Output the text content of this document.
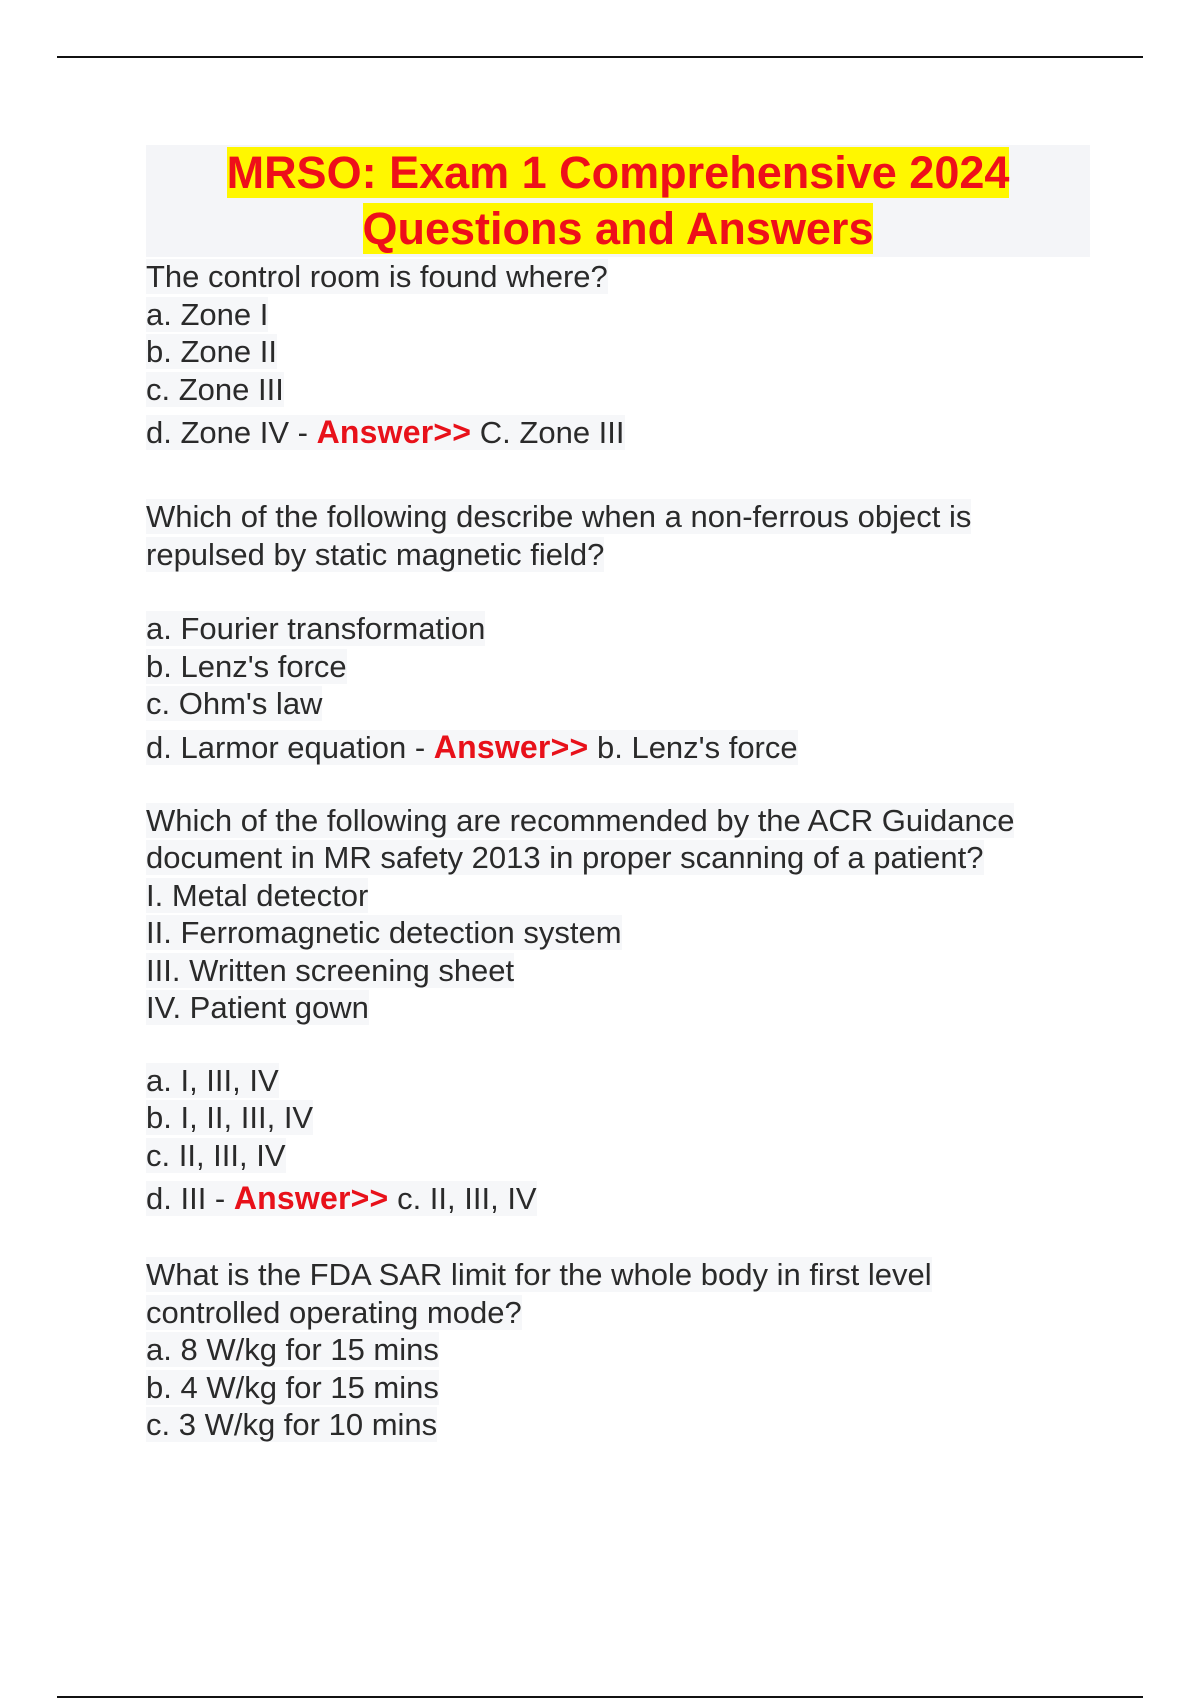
MRSO: Exam 1 Comprehensive 2024
Questions and Answers
The control room is found where?
a. Zone I
b. Zone II
c. Zone III
d. Zone IV - Answer>> C. Zone III
Which of the following describe when a non-ferrous object is
repulsed by static magnetic field?
a. Fourier transformation
b. Lenz's force
c. Ohm's law
d. Larmor equation - Answer>> b. Lenz's force
Which of the following are recommended by the ACR Guidance
document in MR safety 2013 in proper scanning of a patient?
I. Metal detector
II. Ferromagnetic detection system
III. Written screening sheet
IV. Patient gown
a. I, III, IV
b. I, II, III, IV
c. II, III, IV
d. III - Answer>> c. II, III, IV
What is the FDA SAR limit for the whole body in first level
controlled operating mode?
a. 8 W/kg for 15 mins
b. 4 W/kg for 15 mins
c. 3 W/kg for 10 mins
